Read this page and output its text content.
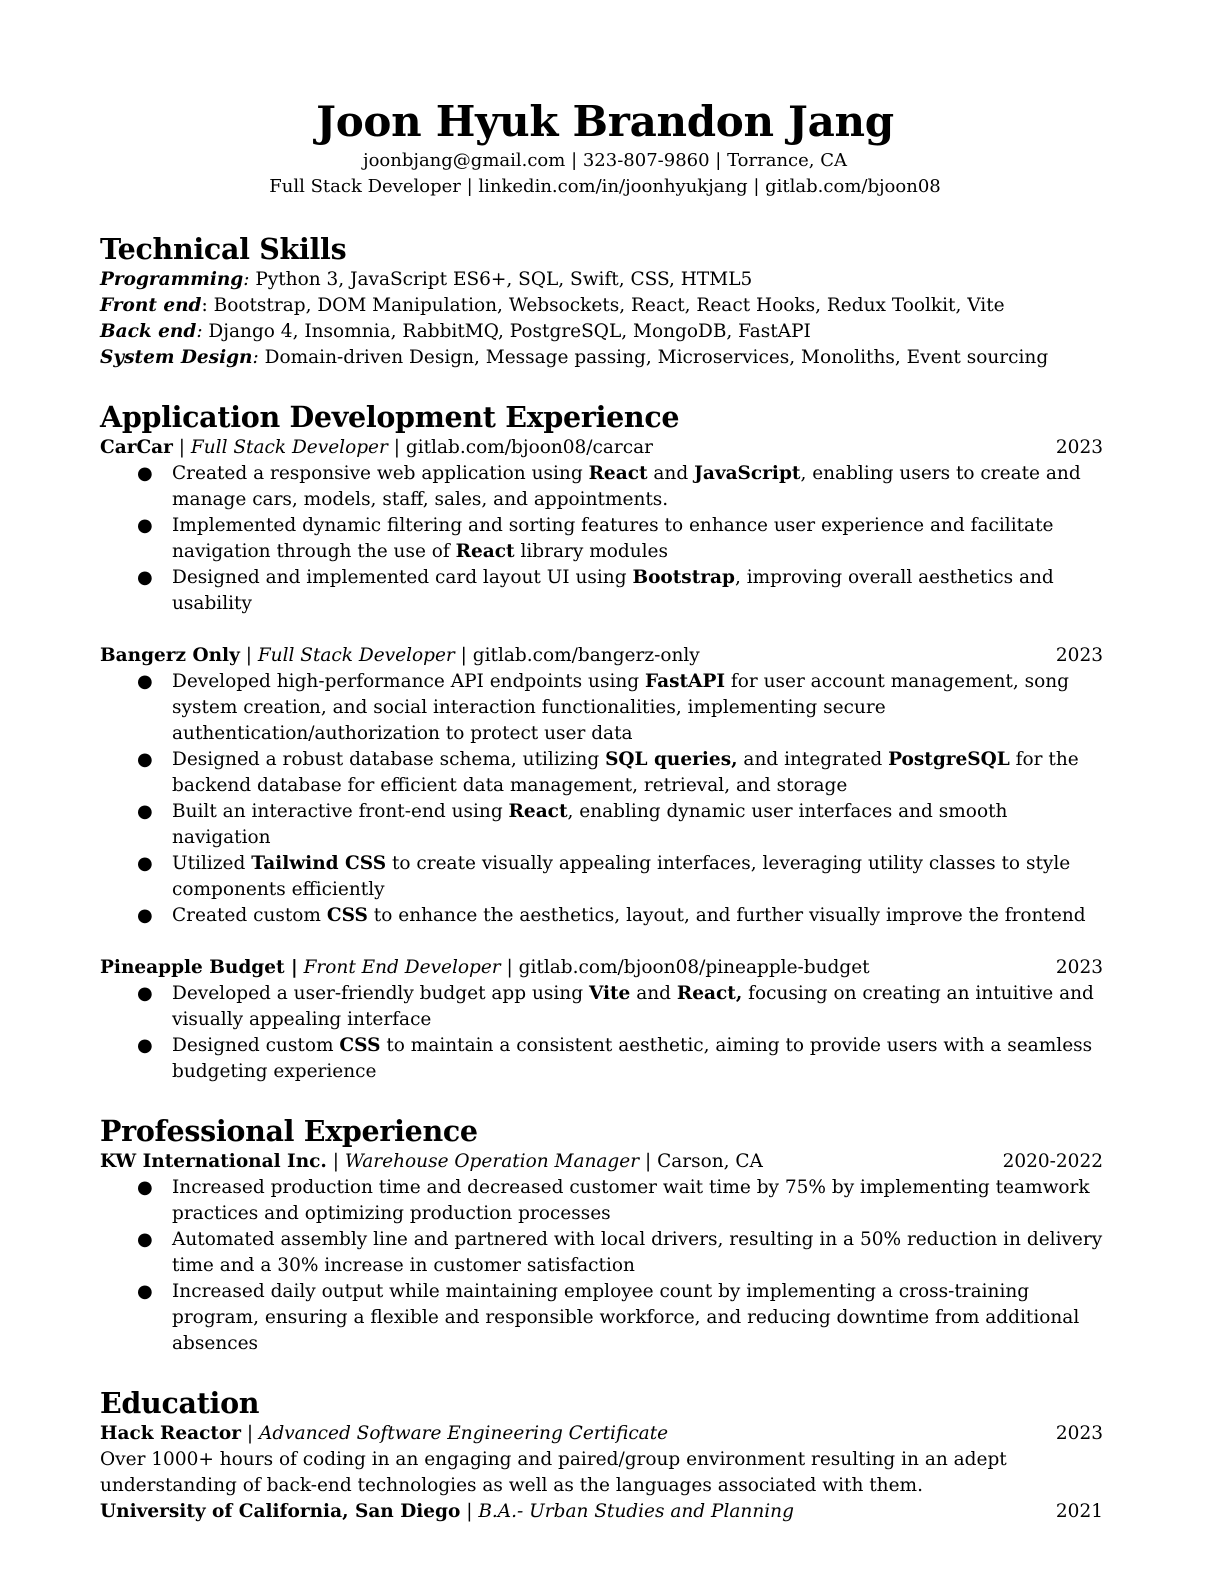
Joon Hyuk Brandon Jang
joonbjang@gmail.com | 323-807-9860 | Torrance, CA
Full Stack Developer | linkedin.com/in/joonhyukjang | gitlab.com/bjoon08
Technical Skills
Programming: Python 3, JavaScript ES6+, SQL, Swift, CSS, HTML5
Front end: Bootstrap, DOM Manipulation, Websockets, React, React Hooks, Redux Toolkit, Vite
Back end: Django 4, Insomnia, RabbitMQ, PostgreSQL, MongoDB, FastAPI
System Design: Domain-driven Design, Message passing, Microservices, Monoliths, Event sourcing
Application Development Experience
CarCar | Full Stack Developer | gitlab.com/bjoon08/carcar	2023
● Created a responsive web application using React and JavaScript, enabling users to create and manage cars, models, staff, sales, and appointments.
● Implemented dynamic filtering and sorting features to enhance user experience and facilitate navigation through the use of React library modules
● Designed and implemented card layout UI using Bootstrap, improving overall aesthetics and usability
Bangerz Only | Full Stack Developer | gitlab.com/bangerz-only	2023
● Developed high-performance API endpoints using FastAPI for user account management, song system creation, and social interaction functionalities, implementing secure authentication/authorization to protect user data
● Designed a robust database schema, utilizing SQL queries, and integrated PostgreSQL for the backend database for efficient data management, retrieval, and storage
● Built an interactive front-end using React, enabling dynamic user interfaces and smooth navigation
● Utilized Tailwind CSS to create visually appealing interfaces, leveraging utility classes to style components efficiently
● Created custom CSS to enhance the aesthetics, layout, and further visually improve the frontend
Pineapple Budget | Front End Developer | gitlab.com/bjoon08/pineapple-budget	2023
● Developed a user-friendly budget app using Vite and React, focusing on creating an intuitive and visually appealing interface
● Designed custom CSS to maintain a consistent aesthetic, aiming to provide users with a seamless budgeting experience
Professional Experience
KW International Inc. | Warehouse Operation Manager | Carson, CA	2020-2022
● Increased production time and decreased customer wait time by 75% by implementing teamwork practices and optimizing production processes
● Automated assembly line and partnered with local drivers, resulting in a 50% reduction in delivery time and a 30% increase in customer satisfaction
● Increased daily output while maintaining employee count by implementing a cross-training program, ensuring a flexible and responsible workforce, and reducing downtime from additional absences
Education
Hack Reactor | Advanced Software Engineering Certificate	2023
Over 1000+ hours of coding in an engaging and paired/group environment resulting in an adept understanding of back-end technologies as well as the languages associated with them.
University of California, San Diego | B.A.- Urban Studies and Planning	2021
